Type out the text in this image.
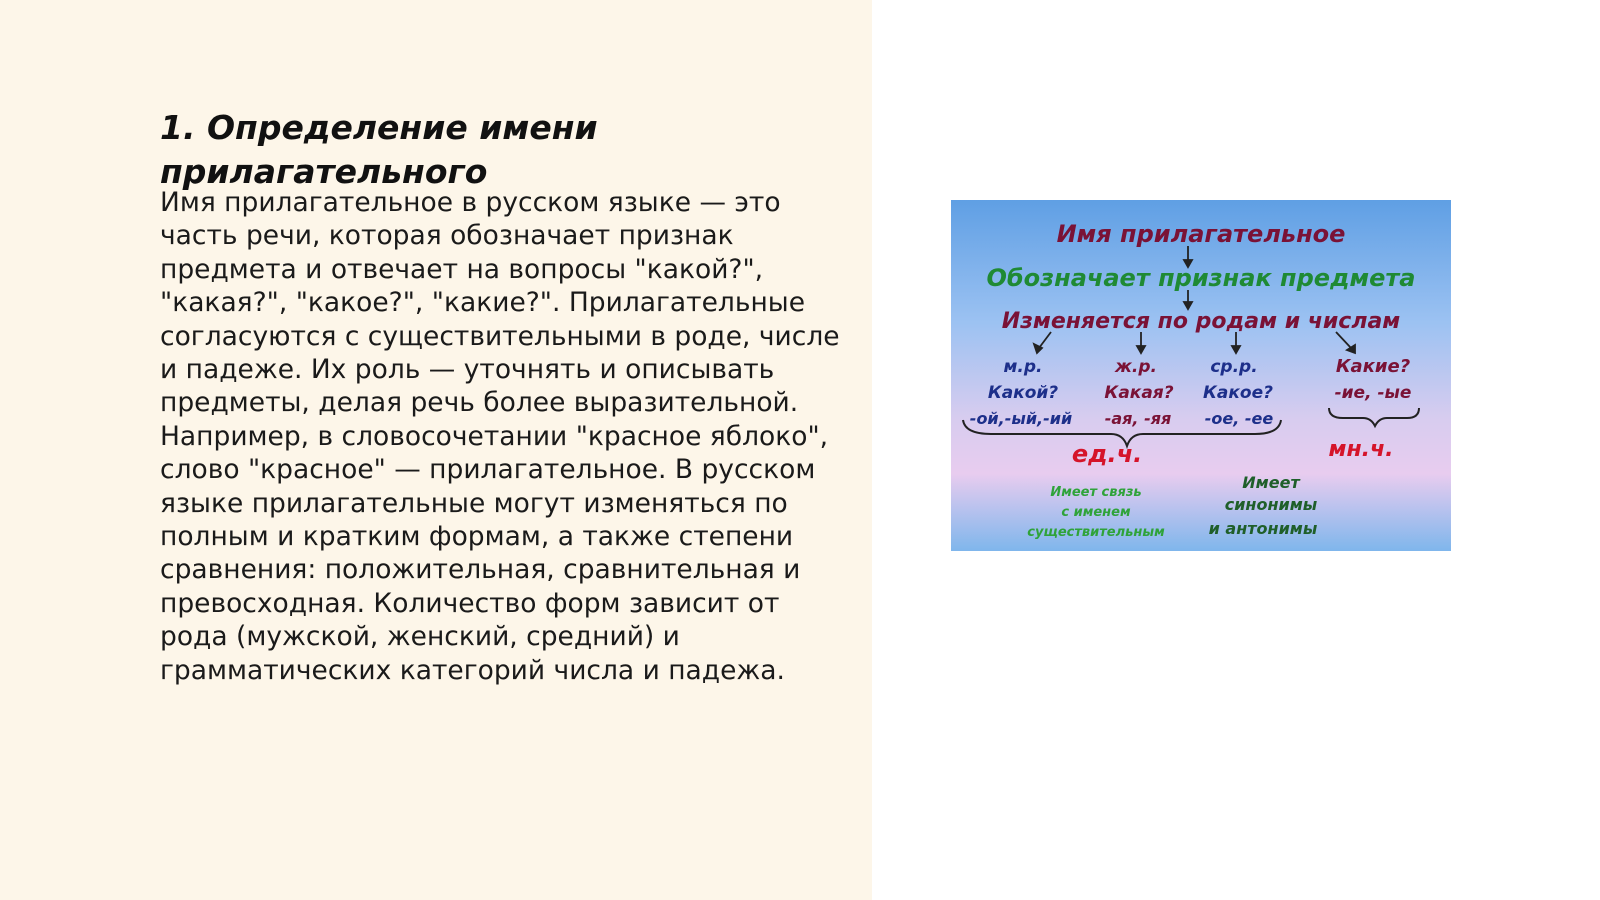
1. Определение имени прилагательного

Имя прилагательное в русском языке — это часть речи, которая обозначает признак предмета и отвечает на вопросы "какой?", "какая?", "какое?", "какие?". Прилагательные согласуются с существительными в роде, числе и падеже. Их роль — уточнять и описывать предметы, делая речь более выразительной. Например, в словосочетании "красное яблоко", слово "красное" — прилагательное. В русском языке прилагательные могут изменяться по полным и кратким формам, а также степени сравнения: положительная, сравнительная и превосходная. Количество форм зависит от рода (мужской, женский, средний) и грамматических категорий числа и падежа.

Имя прилагательное
Обозначает признак предмета
Изменяется по родам и числам
м.р.
Какой?
-ой,-ый,-ий
ж.р.
Какая?
-ая, -яя
ср.р.
Какое?
-ое, -ее
Какие?
-ие, -ые
ед.ч.	мн.ч.
Имеет связь
с именем
существительным
Имеет
синонимы
и антонимы
